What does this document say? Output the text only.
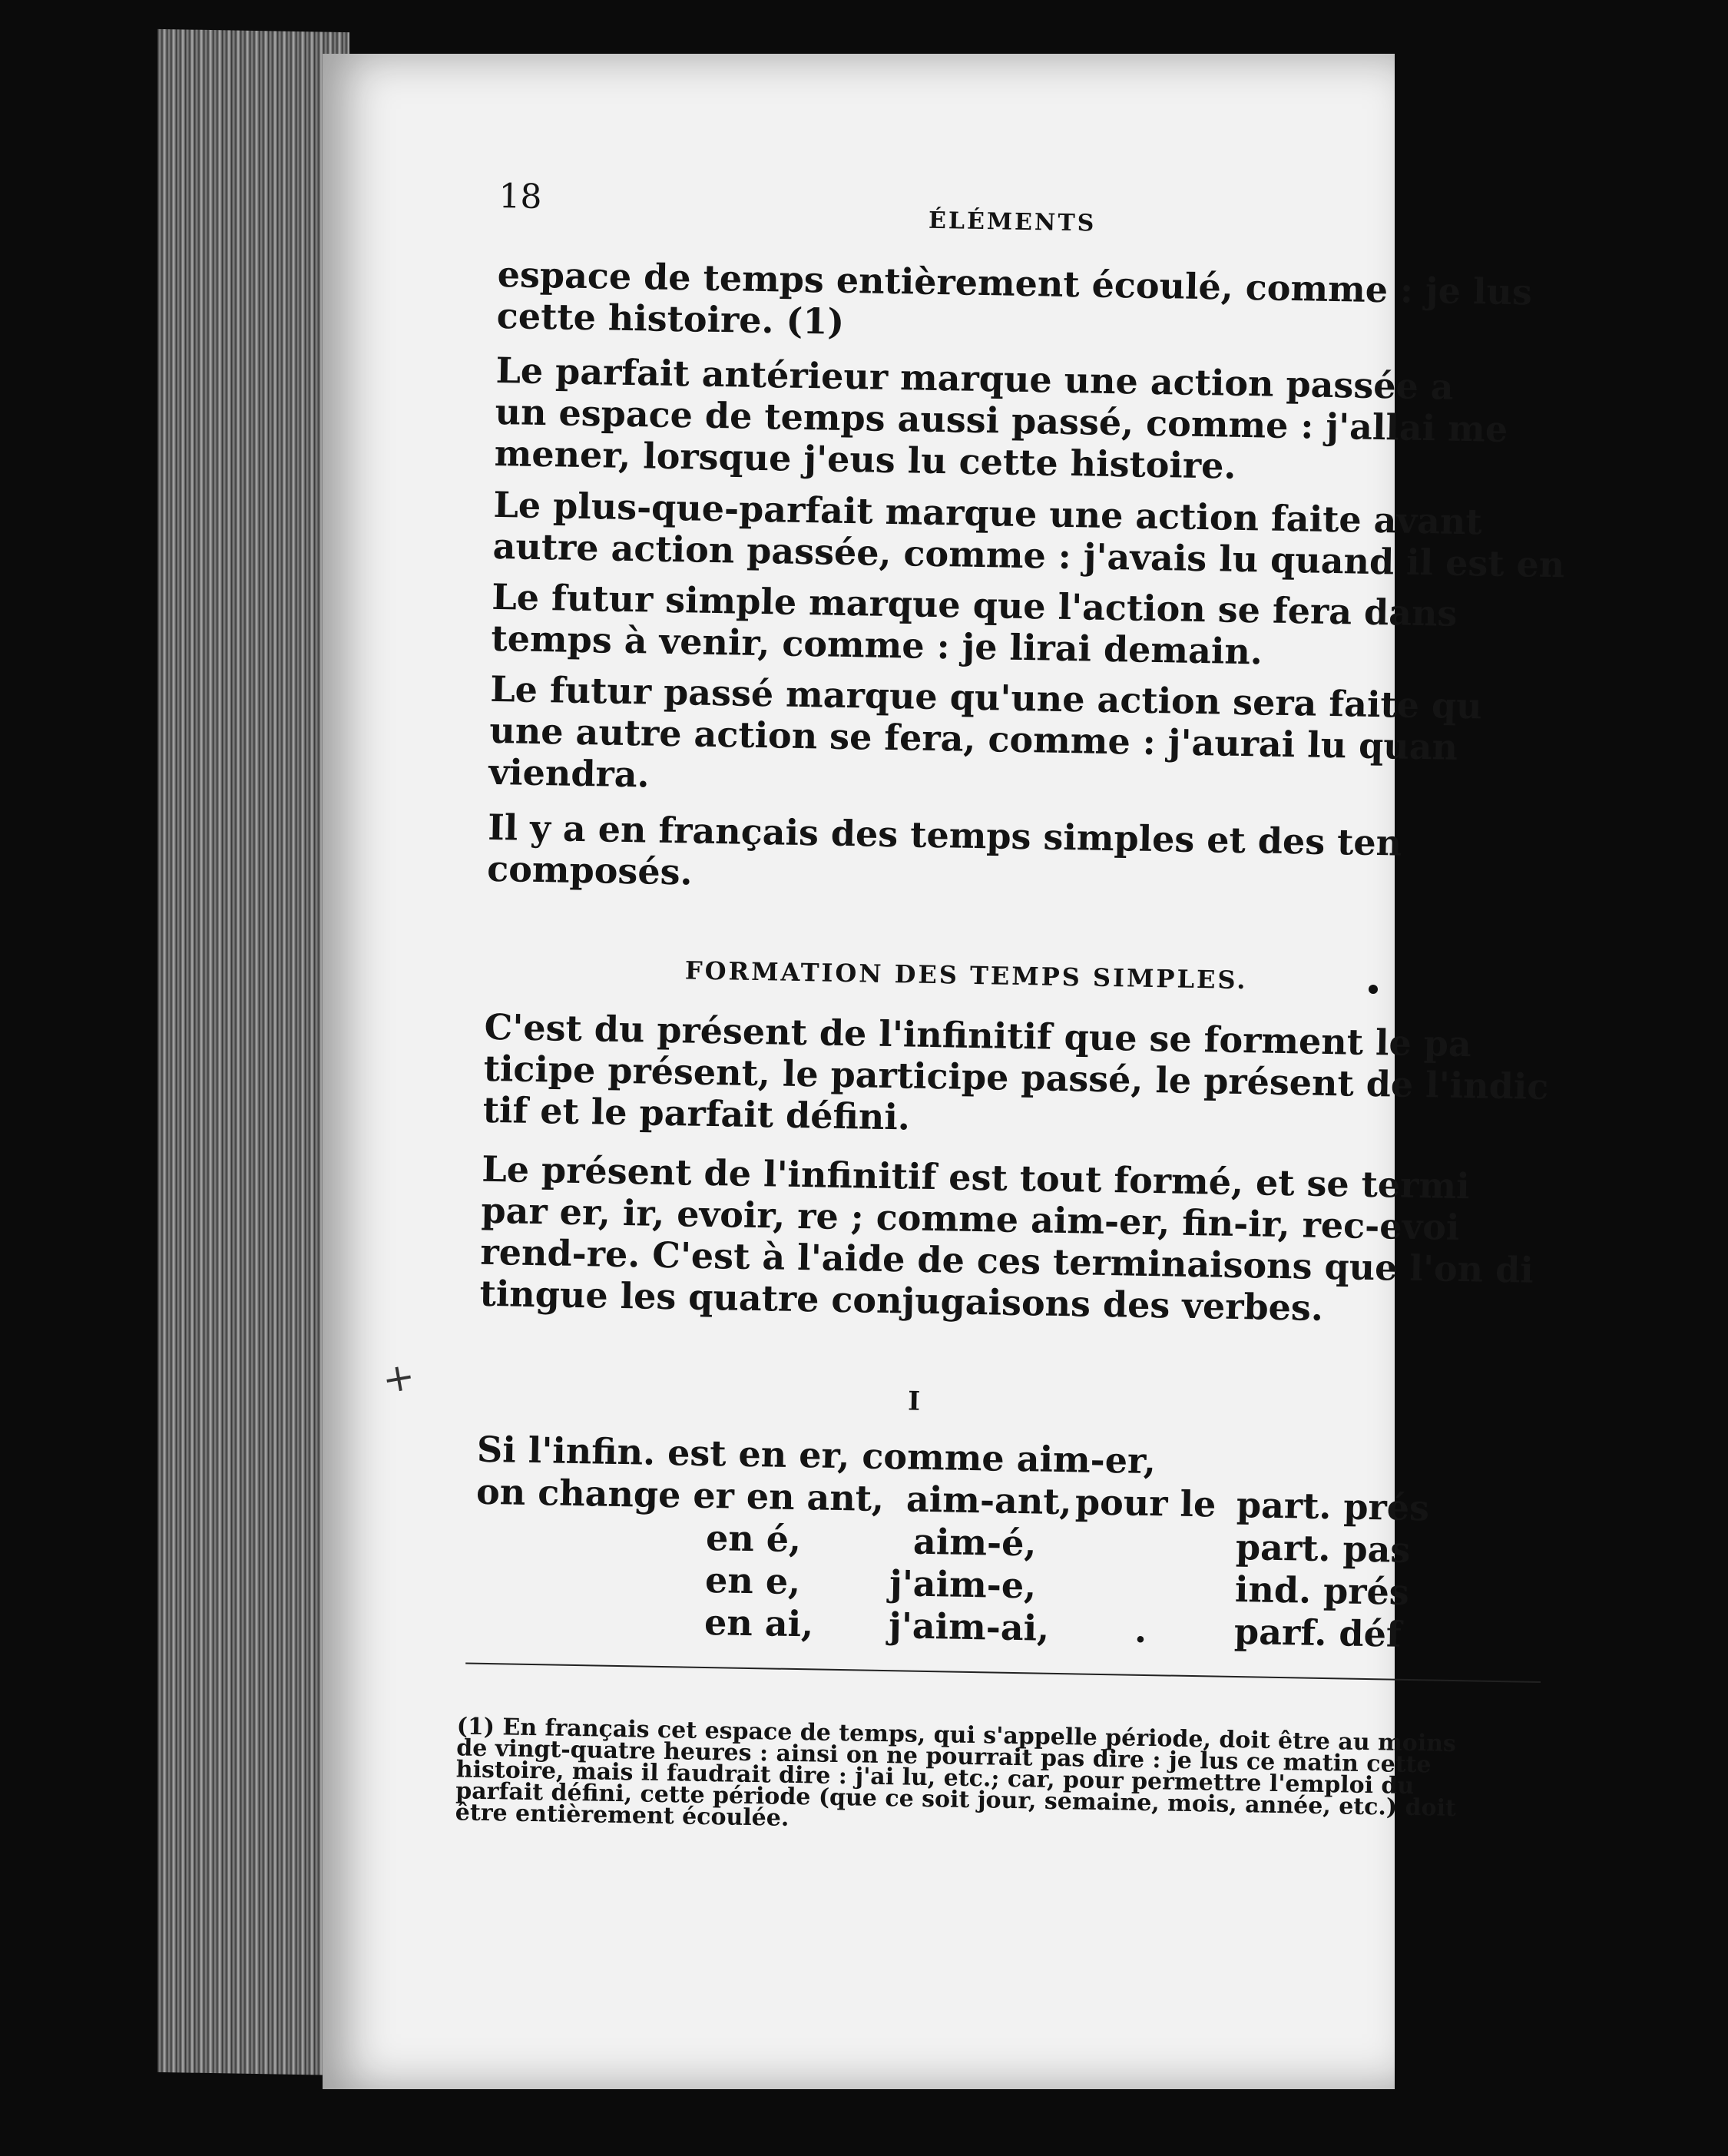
18
ÉLÉMENTS

espace de temps entièrement écoulé, comme : je lus
cette histoire. (1)

Le parfait antérieur marque une action passée a
un espace de temps aussi passé, comme : j'allai me
mener, lorsque j'eus lu cette histoire.

Le plus-que-parfait marque une action faite avant
autre action passée, comme : j'avais lu quand il est en

Le futur simple marque que l'action se fera dans
temps à venir, comme : je lirai demain.

Le futur passé marque qu'une action sera faite qu
une autre action se fera, comme : j'aurai lu quan
viendra.

Il y a en français des temps simples et des ten
composés.

FORMATION DES TEMPS SIMPLES.

C'est du présent de l'infinitif que se forment le pa
ticipe présent, le participe passé, le présent de l'indic
tif et le parfait défini.

Le présent de l'infinitif est tout formé, et se termi
par er, ir, evoir, re ; comme aim-er, fin-ir, rec-evoi
rend-re. C'est à l'aide de ces terminaisons que l'on di
tingue les quatre conjugaisons des verbes.

I
Si l'infin. est en er, comme aim-er,
on change er en ant, aim-ant, pour le part. prés
en é,	aim-é,	part. pas
en e,	j'aim-e,	ind. prés
en ai, j'aim-ai, . parf. déf

(1) En français cet espace de temps, qui s'appelle période, doit être au moins
de vingt-quatre heures : ainsi on ne pourrait pas dire : je lus ce matin cette
histoire, mais il faudrait dire : j'ai lu, etc.; car, pour permettre l'emploi du
parfait défini, cette période (que ce soit jour, semaine, mois, année, etc.) doit
être entièrement écoulée.

+
